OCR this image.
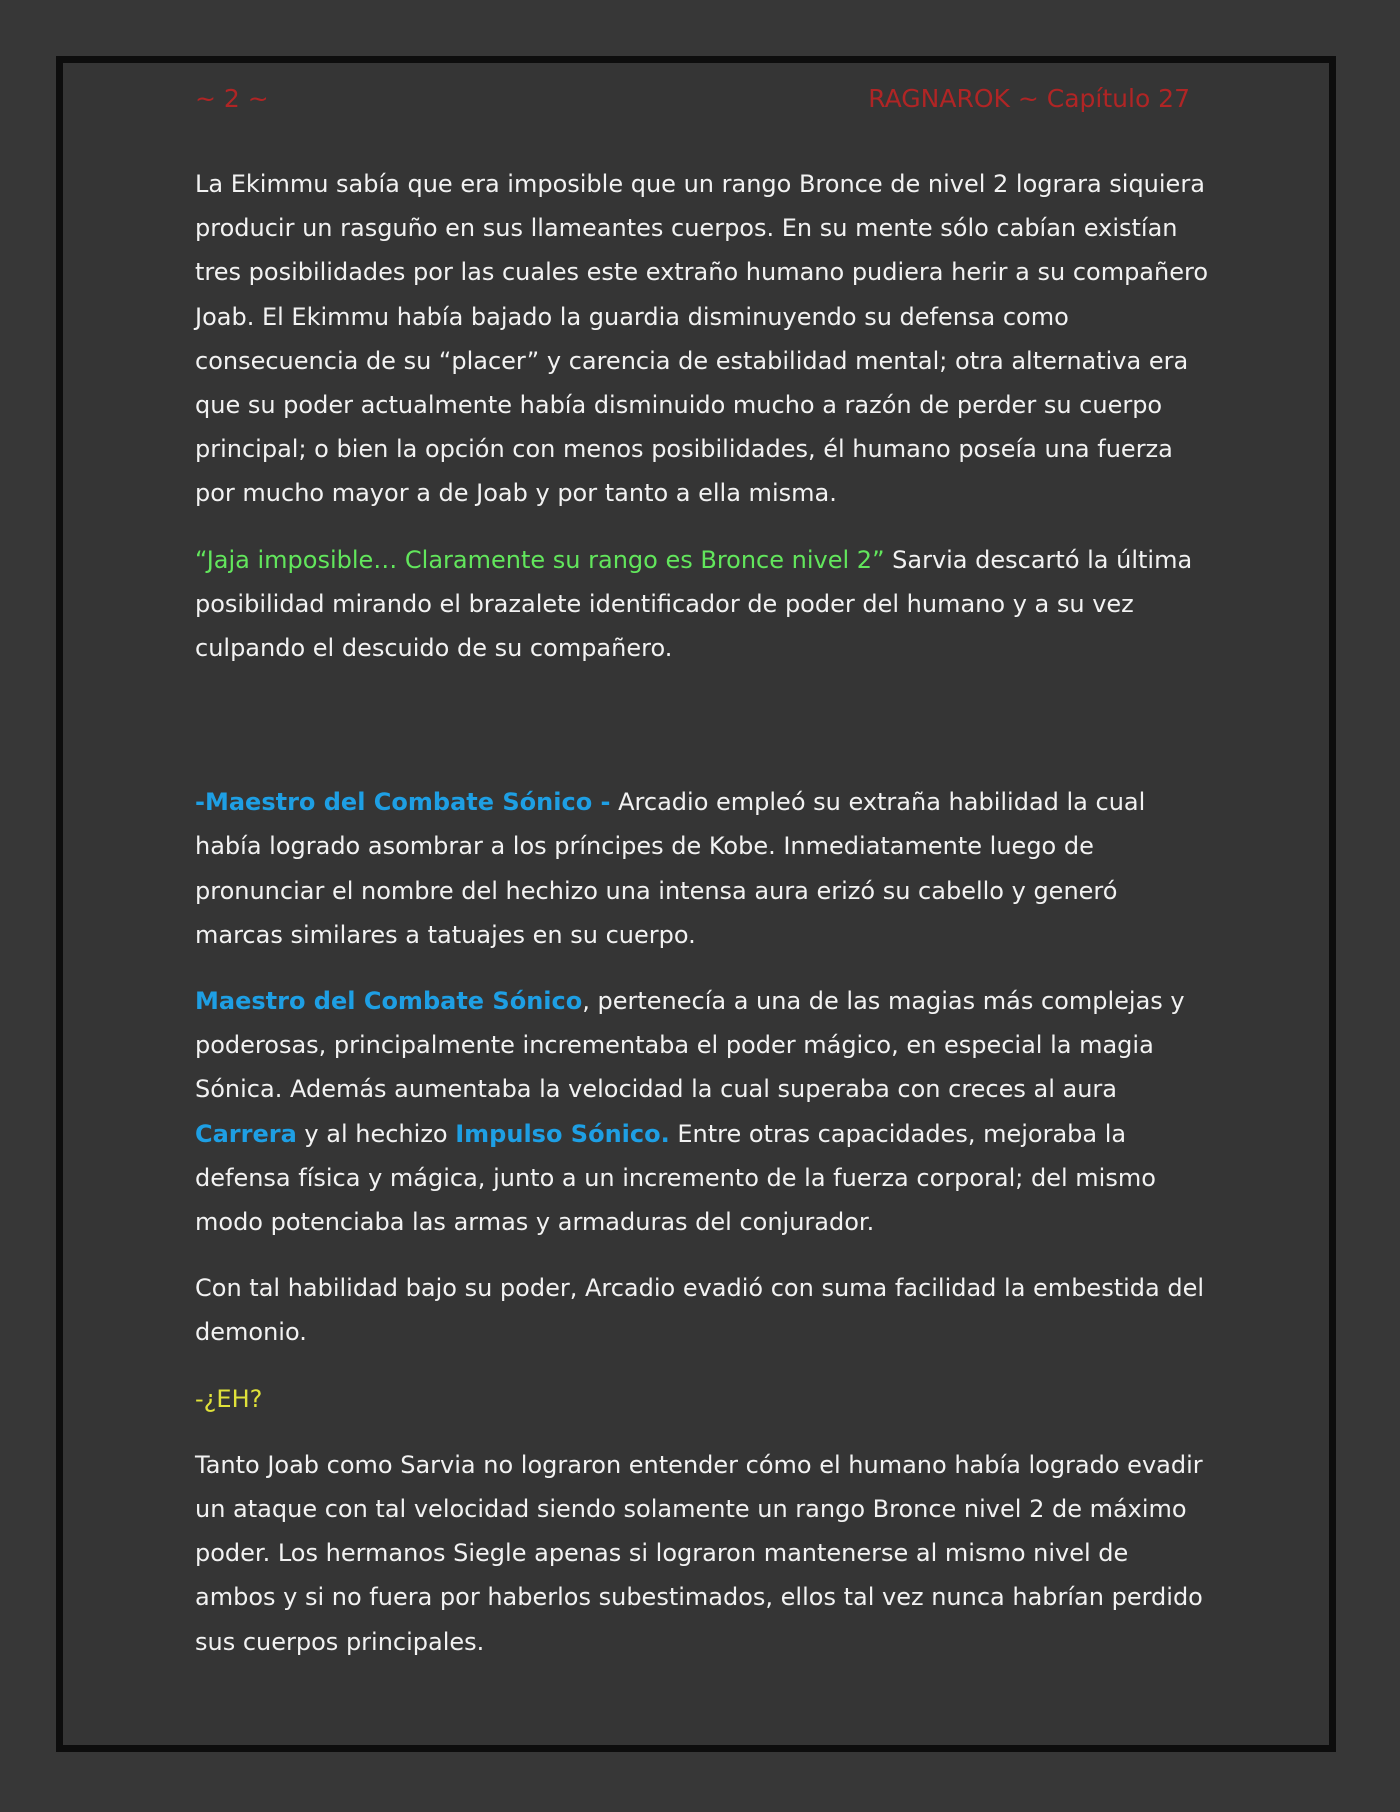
~ 2 ~	RAGNAROK ~ Capítulo 27

La Ekimmu sabía que era imposible que un rango Bronce de nivel 2 lograra siquiera producir un rasguño en sus llameantes cuerpos. En su mente sólo cabían existían tres posibilidades por las cuales este extraño humano pudiera herir a su compañero Joab. El Ekimmu había bajado la guardia disminuyendo su defensa como consecuencia de su “placer” y carencia de estabilidad mental; otra alternativa era que su poder actualmente había disminuido mucho a razón de perder su cuerpo principal; o bien la opción con menos posibilidades, él humano poseía una fuerza por mucho mayor a de Joab y por tanto a ella misma.

“Jaja imposible… Claramente su rango es Bronce nivel 2” Sarvia descartó la última posibilidad mirando el brazalete identificador de poder del humano y a su vez culpando el descuido de su compañero.

-Maestro del Combate Sónico - Arcadio empleó su extraña habilidad la cual había logrado asombrar a los príncipes de Kobe. Inmediatamente luego de pronunciar el nombre del hechizo una intensa aura erizó su cabello y generó marcas similares a tatuajes en su cuerpo.

Maestro del Combate Sónico, pertenecía a una de las magias más complejas y poderosas, principalmente incrementaba el poder mágico, en especial la magia Sónica. Además aumentaba la velocidad la cual superaba con creces al aura Carrera y al hechizo Impulso Sónico. Entre otras capacidades, mejoraba la defensa física y mágica, junto a un incremento de la fuerza corporal; del mismo modo potenciaba las armas y armaduras del conjurador.

Con tal habilidad bajo su poder, Arcadio evadió con suma facilidad la embestida del demonio.

-¿EH?

Tanto Joab como Sarvia no lograron entender cómo el humano había logrado evadir un ataque con tal velocidad siendo solamente un rango Bronce nivel 2 de máximo poder. Los hermanos Siegle apenas si lograron mantenerse al mismo nivel de ambos y si no fuera por haberlos subestimados, ellos tal vez nunca habrían perdido sus cuerpos principales.
